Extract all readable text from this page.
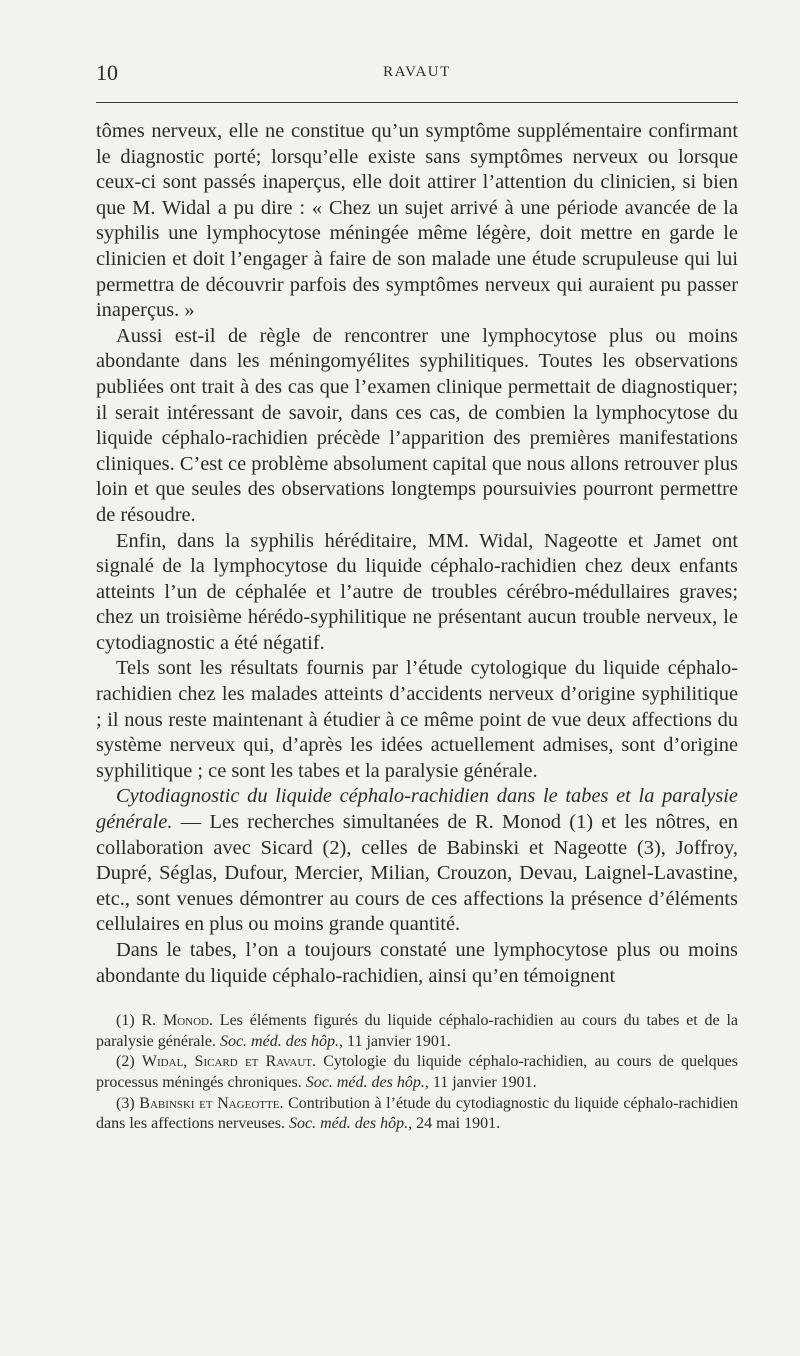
10	RAVAUT

tômes nerveux, elle ne constitue qu’un symptôme supplémentaire confirmant le diagnostic porté; lorsqu’elle existe sans symptômes nerveux ou lorsque ceux-ci sont passés inaperçus, elle doit attirer l’attention du clinicien, si bien que M. Widal a pu dire : « Chez un sujet arrivé à une période avancée de la syphilis une lymphocytose méningée même légère, doit mettre en garde le clinicien et doit l’engager à faire de son malade une étude scrupuleuse qui lui permettra de découvrir parfois des symptômes nerveux qui auraient pu passer inaperçus. »

Aussi est-il de règle de rencontrer une lymphocytose plus ou moins abondante dans les méningomyélites syphilitiques. Toutes les observations publiées ont trait à des cas que l’examen clinique permettait de diagnostiquer; il serait intéressant de savoir, dans ces cas, de combien la lymphocytose du liquide céphalo-rachidien précède l’apparition des premières manifestations cliniques. C’est ce problème absolument capital que nous allons retrouver plus loin et que seules des observations longtemps poursuivies pourront permettre de résoudre.

Enfin, dans la syphilis héréditaire, MM. Widal, Nageotte et Jamet ont signalé de la lymphocytose du liquide céphalo-rachidien chez deux enfants atteints l’un de céphalée et l’autre de troubles cérébro-médullaires graves; chez un troisième hérédo-syphilitique ne présentant aucun trouble nerveux, le cytodiagnostic a été négatif.

Tels sont les résultats fournis par l’étude cytologique du liquide céphalo-rachidien chez les malades atteints d’accidents nerveux d’origine syphilitique ; il nous reste maintenant à étudier à ce même point de vue deux affections du système nerveux qui, d’après les idées actuellement admises, sont d’origine syphilitique ; ce sont les tabes et la paralysie générale.

Cytodiagnostic du liquide céphalo-rachidien dans le tabes et la paralysie générale. — Les recherches simultanées de R. Monod (1) et les nôtres, en collaboration avec Sicard (2), celles de Babinski et Nageotte (3), Joffroy, Dupré, Séglas, Dufour, Mercier, Milian, Crouzon, Devau, Laignel-Lavastine, etc., sont venues démontrer au cours de ces affections la présence d’éléments cellulaires en plus ou moins grande quantité.

Dans le tabes, l’on a toujours constaté une lymphocytose plus ou moins abondante du liquide céphalo-rachidien, ainsi qu’en témoignent

(1) R. Monod. Les éléments figurés du liquide céphalo-rachidien au cours du tabes et de la paralysie générale. Soc. méd. des hôp., 11 janvier 1901.

(2) Widal, Sicard et Ravaut. Cytologie du liquide céphalo-rachidien, au cours de quelques processus méningés chroniques. Soc. méd. des hôp., 11 janvier 1901.

(3) Babinski et Nageotte. Contribution à l’étude du cytodiagnostic du liquide céphalo-rachidien dans les affections nerveuses. Soc. méd. des hôp., 24 mai 1901.
